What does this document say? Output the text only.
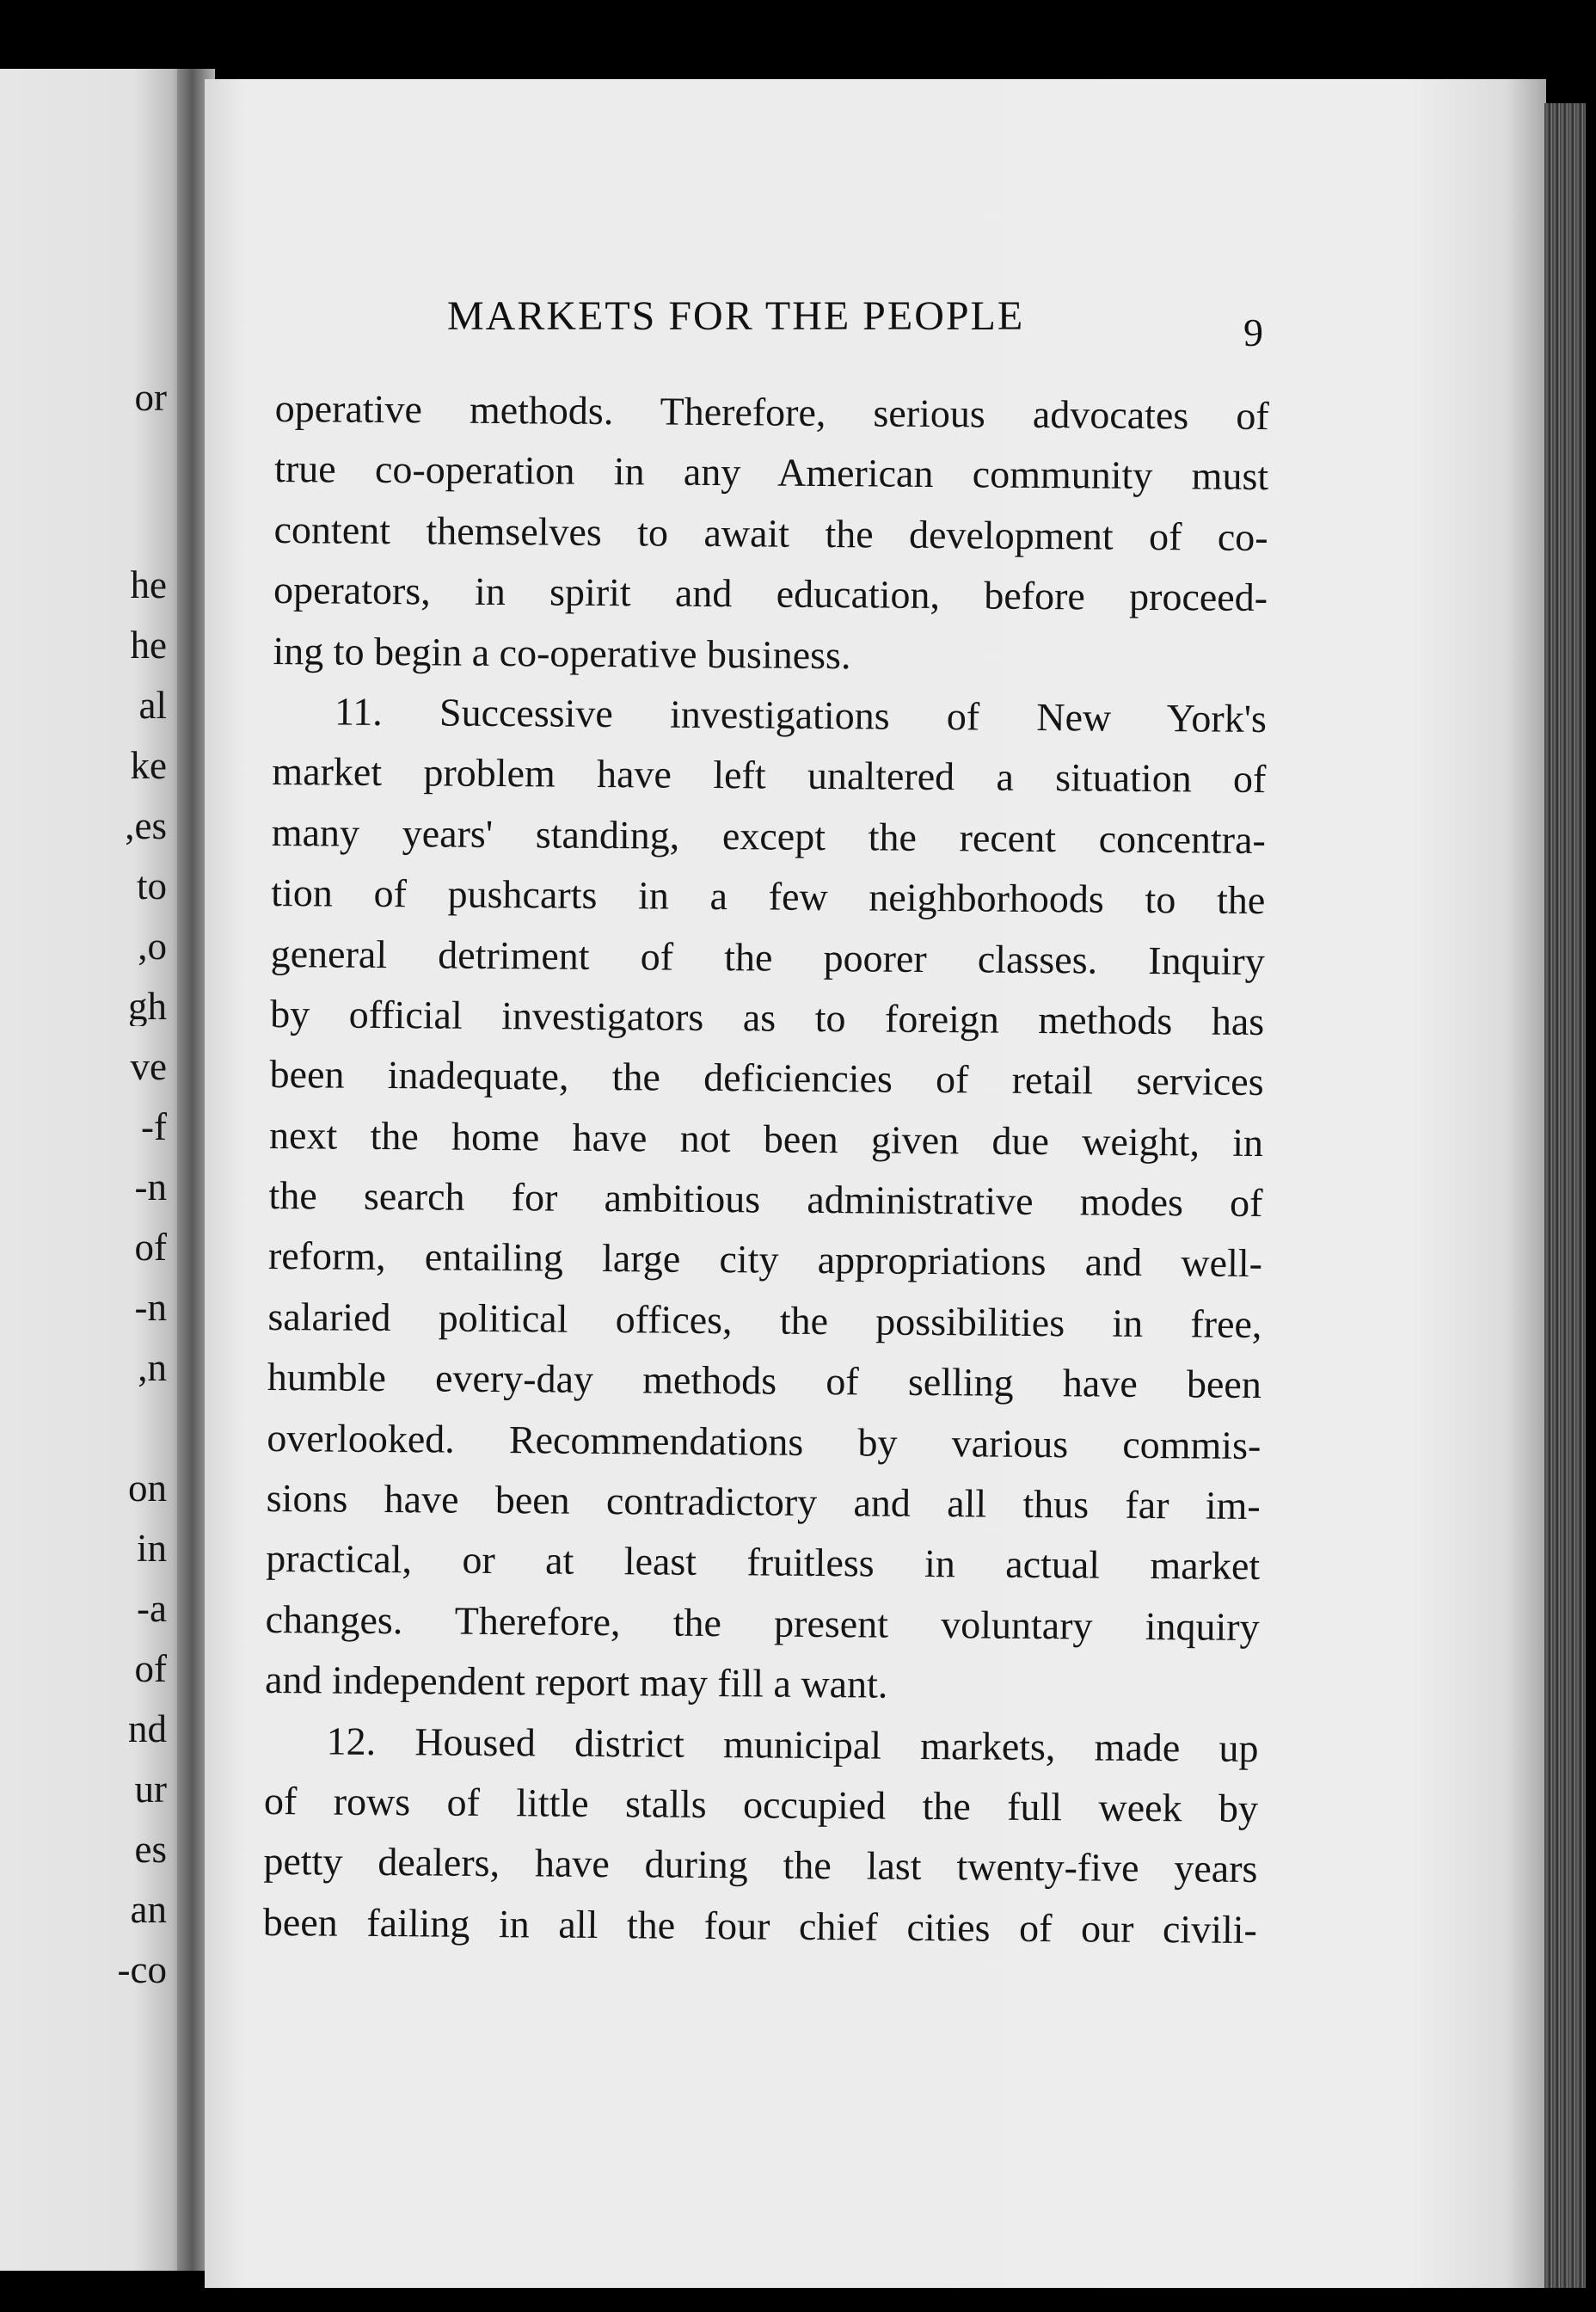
or

he

he

al

ke

es,

to

o,

gh

ve

f-

n-

of

n-

n,

on

in

a-

of

nd

ur

es

an

co-

MARKETS FOR THE PEOPLE	9
operative methods. Therefore, serious advocates of
true co-operation in any American community must
content themselves to await the development of co-
operators, in spirit and education, before proceed-
ing to begin a co-operative business.
11. Successive investigations of New York's
market problem have left unaltered a situation of
many years' standing, except the recent concentra-
tion of pushcarts in a few neighborhoods to the
general detriment of the poorer classes. Inquiry
by official investigators as to foreign methods has
been inadequate, the deficiencies of retail services
next the home have not been given due weight, in
the search for ambitious administrative modes of
reform, entailing large city appropriations and well-
salaried political offices, the possibilities in free,
humble every-day methods of selling have been
overlooked. Recommendations by various commis-
sions have been contradictory and all thus far im-
practical, or at least fruitless in actual market
changes. Therefore, the present voluntary inquiry
and independent report may fill a want.
12. Housed district municipal markets, made up
of rows of little stalls occupied the full week by
petty dealers, have during the last twenty-five years
been failing in all the four chief cities of our civili-
